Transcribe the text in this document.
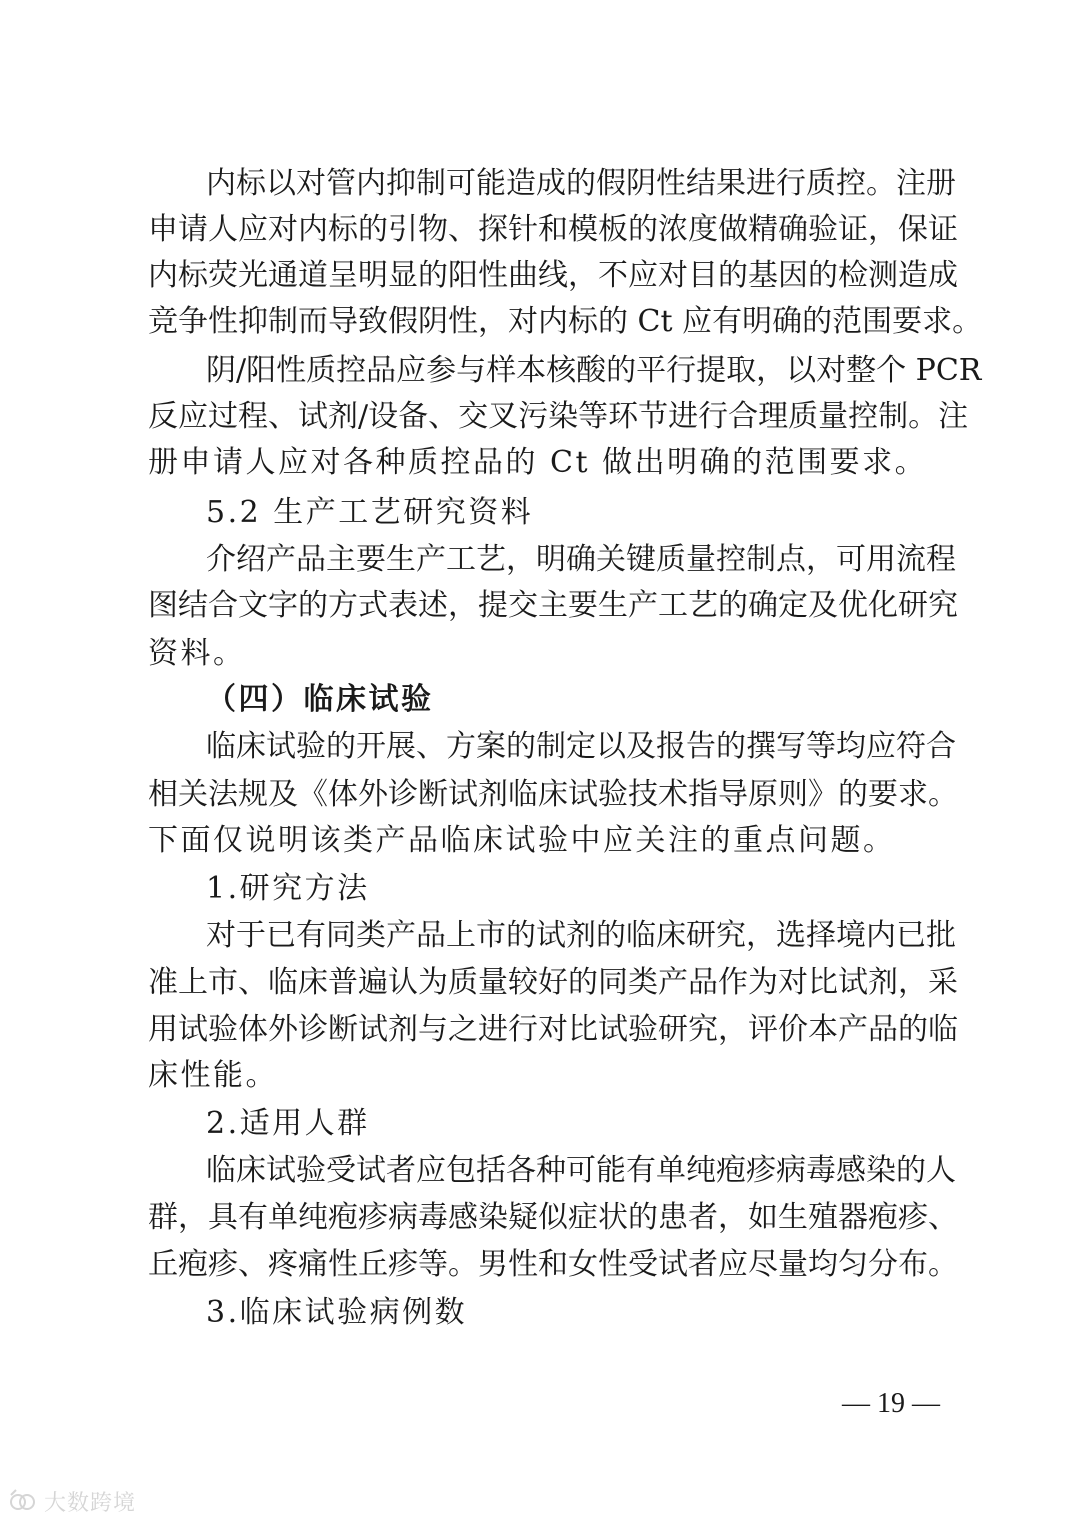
内标以对管内抑制可能造成的假阴性结果进行质控。注册
申请人应对内标的引物、探针和模板的浓度做精确验证，保证
内标荧光通道呈明显的阳性曲线，不应对目的基因的检测造成
竞争性抑制而导致假阴性，对内标的 Ct 应有明确的范围要求。
阴/阳性质控品应参与样本核酸的平行提取，以对整个 PCR
反应过程、试剂/设备、交叉污染等环节进行合理质量控制。注
册申请人应对各种质控品的 Ct 做出明确的范围要求。
5.2 生产工艺研究资料
介绍产品主要生产工艺，明确关键质量控制点，可用流程
图结合文字的方式表述，提交主要生产工艺的确定及优化研究
资料。
（四）临床试验
临床试验的开展、方案的制定以及报告的撰写等均应符合
相关法规及《体外诊断试剂临床试验技术指导原则》的要求。
下面仅说明该类产品临床试验中应关注的重点问题。
1.研究方法
对于已有同类产品上市的试剂的临床研究，选择境内已批
准上市、临床普遍认为质量较好的同类产品作为对比试剂，采
用试验体外诊断试剂与之进行对比试验研究，评价本产品的临
床性能。
2.适用人群
临床试验受试者应包括各种可能有单纯疱疹病毒感染的人
群，具有单纯疱疹病毒感染疑似症状的患者，如生殖器疱疹、
丘疱疹、疼痛性丘疹等。男性和女性受试者应尽量均匀分布。
3.临床试验病例数
— 19 —
大数跨境
